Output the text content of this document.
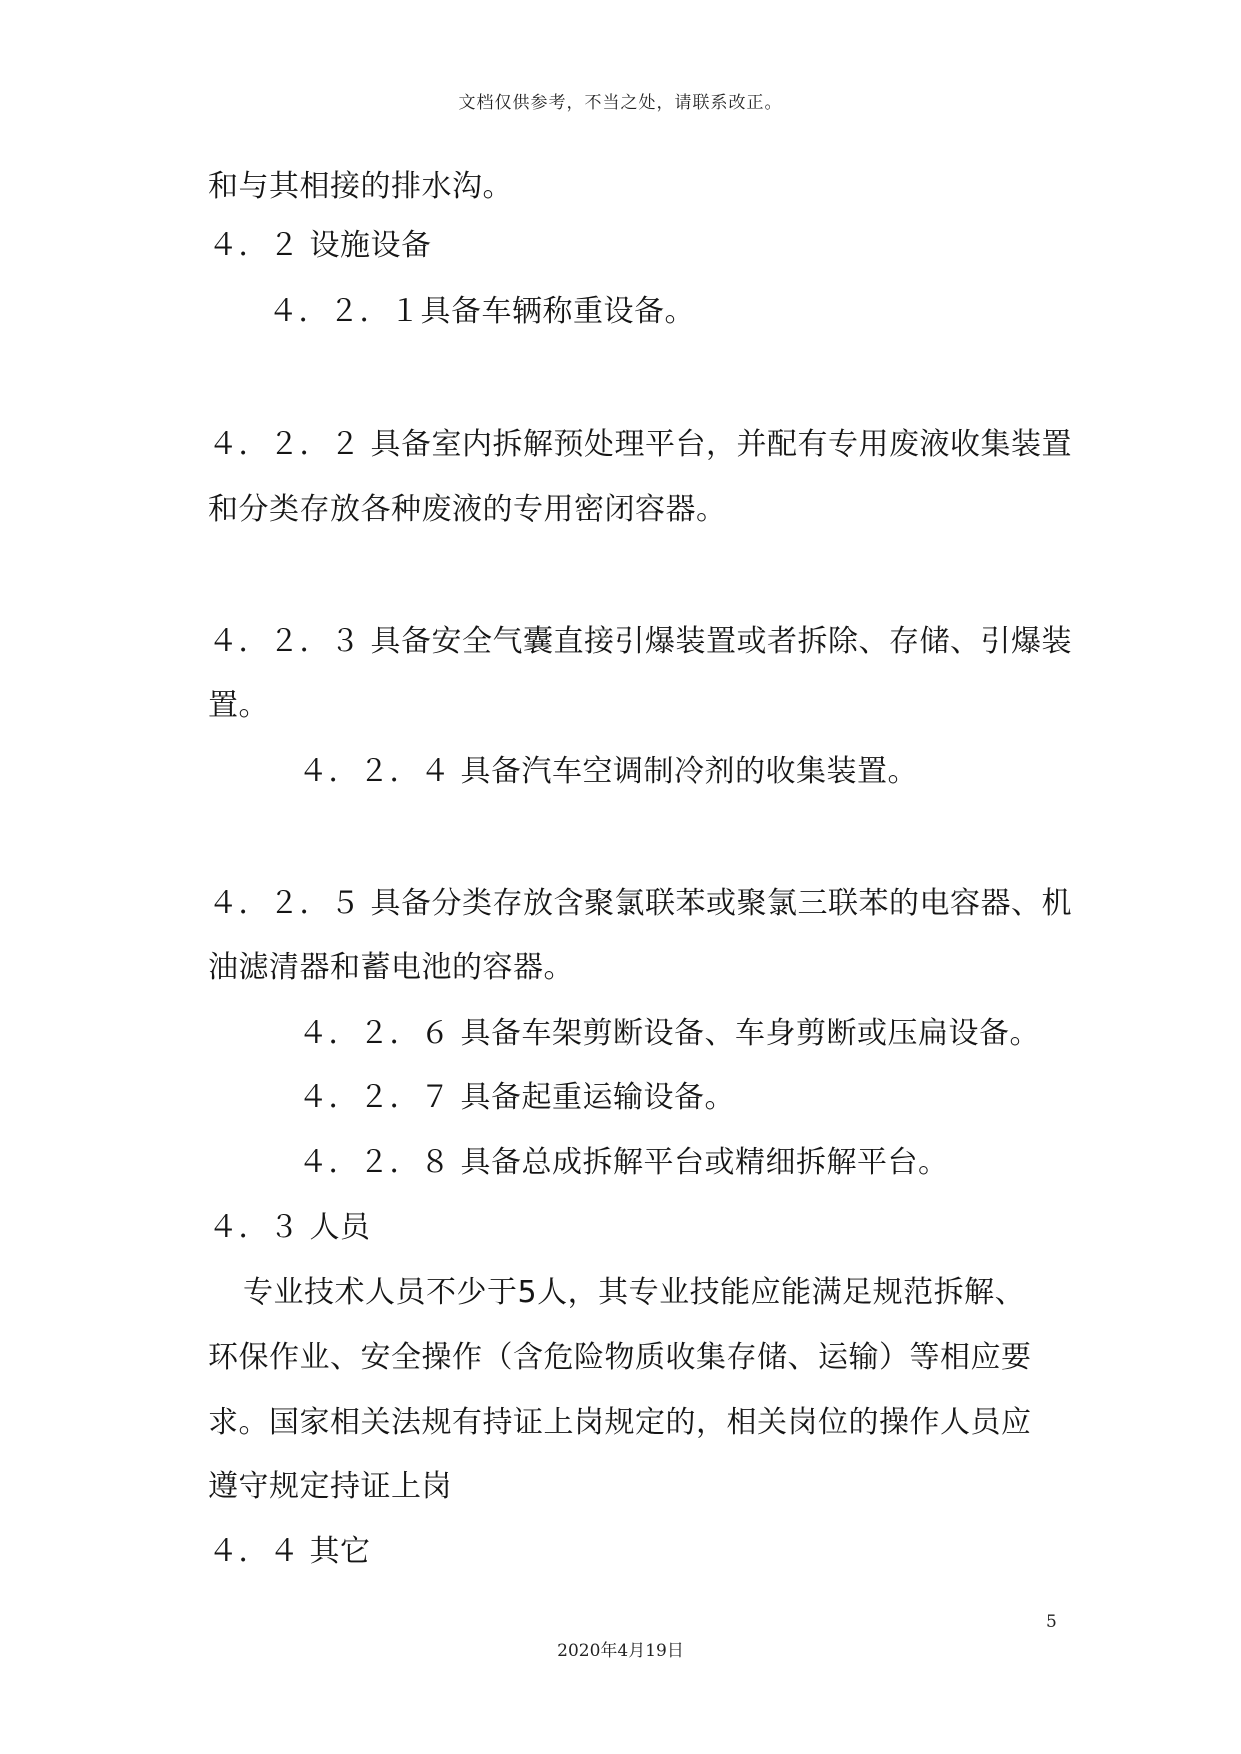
文档仅供参考，不当之处，请联系改正。
和与其相接的排水沟。
４．２ 设施设备
４．２．１具备车辆称重设备。
４．２．２ 具备室内拆解预处理平台，并配有专用废液收集装置
和分类存放各种废液的专用密闭容器。
４．２．３ 具备安全气囊直接引爆装置或者拆除、存储、引爆装
置。
４．２．４ 具备汽车空调制冷剂的收集装置。
４．２．５ 具备分类存放含聚氯联苯或聚氯三联苯的电容器、机
油滤清器和蓄电池的容器。
４．２．６ 具备车架剪断设备、车身剪断或压扁设备。
４．２．７ 具备起重运输设备。
４．２．８ 具备总成拆解平台或精细拆解平台。
４．３ 人员
专业技术人员不少于5人，其专业技能应能满足规范拆解、
环保作业、安全操作（含危险物质收集存储、运输）等相应要
求。国家相关法规有持证上岗规定的，相关岗位的操作人员应
遵守规定持证上岗
４．４ 其它
5
2020年4月19日
